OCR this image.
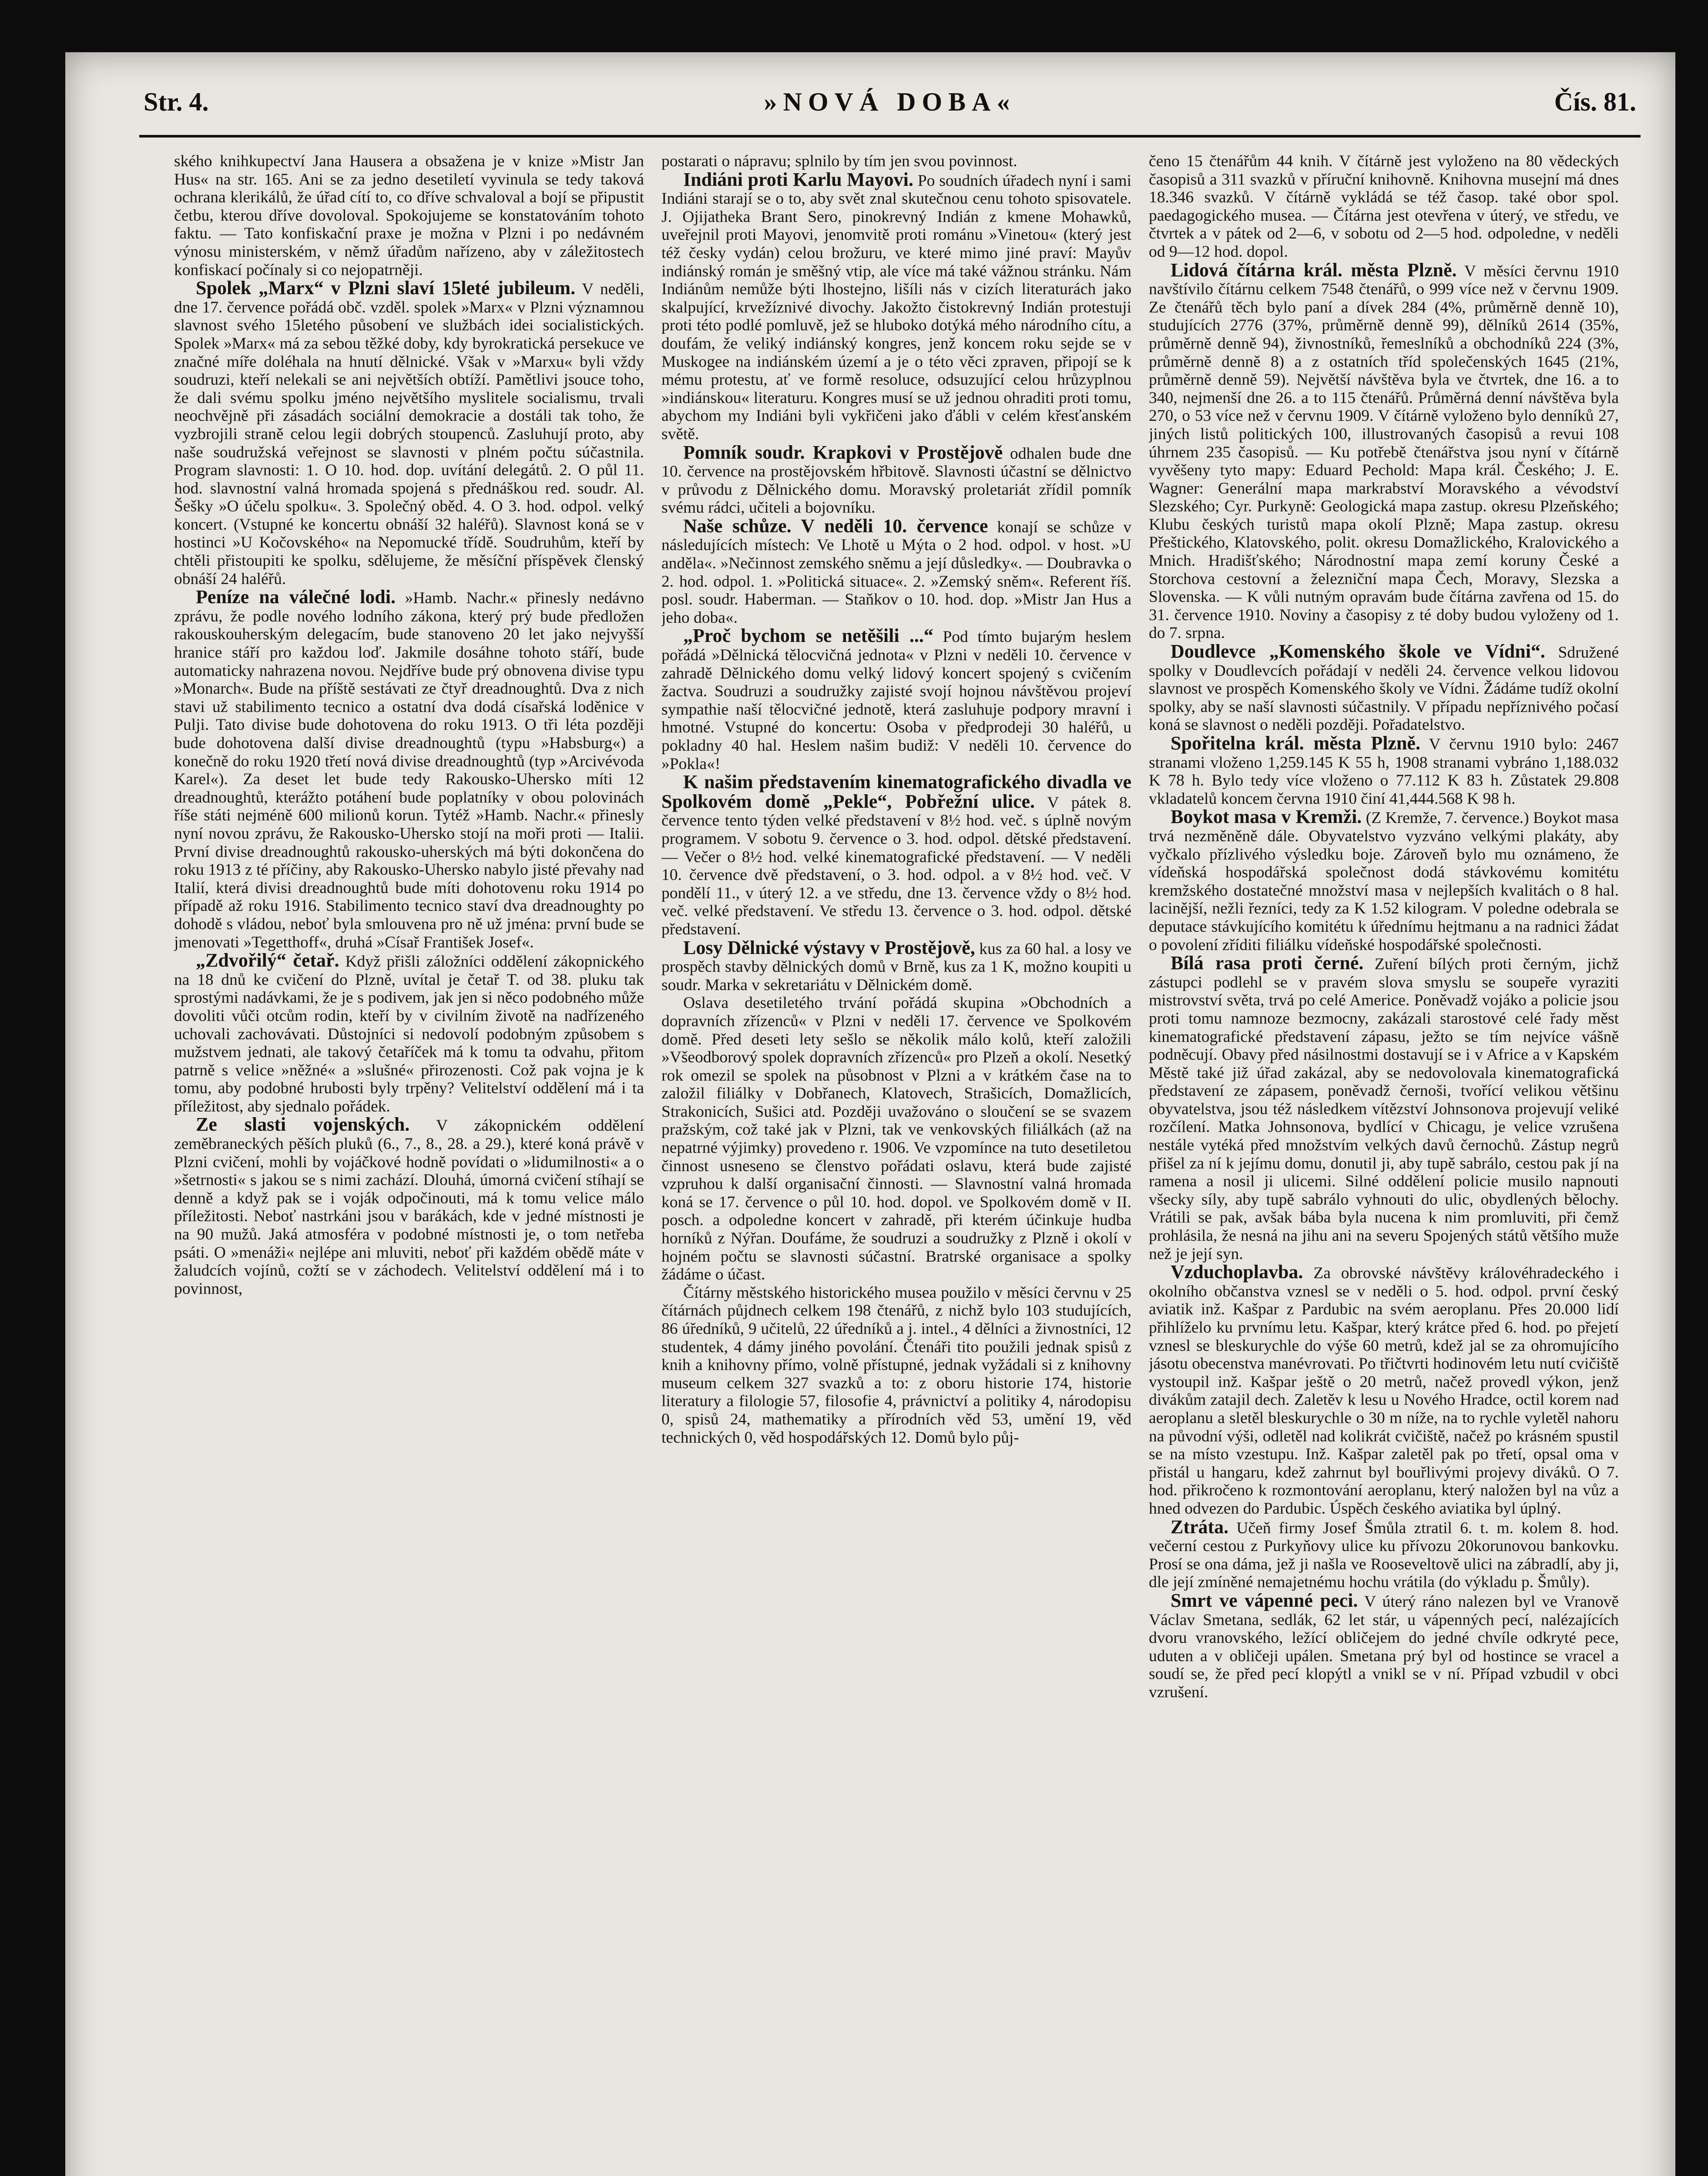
Str. 4.	»NOVÁ DOBA«	Čís. 81.

ského knihkupectví Jana Hausera a obsažena je v knize »Mistr Jan Hus« na str. 165. Ani se za jedno desetiletí vyvinula se tedy taková ochrana klerikálů, že úřad cítí to, co dříve schvaloval a bojí se připustit četbu, kterou dříve dovoloval. Spokojujeme se konstatováním tohoto faktu. — Tato konfiskační praxe je možna v Plzni i po nedávném výnosu ministerském, v němž úřadům nařízeno, aby v záležitostech konfiskací počínaly si co nejopatrněji.

Spolek „Marx“ v Plzni slaví 15leté jubileum. V neděli, dne 17. července pořádá obč. vzděl. spolek »Marx« v Plzni významnou slavnost svého 15letého působení ve službách idei socialistických. Spolek »Marx« má za sebou těžké doby, kdy byrokratická persekuce ve značné míře doléhala na hnutí dělnické. Však v »Marxu« byli vždy soudruzi, kteří nelekali se ani největších obtíží. Pamětlivi jsouce toho, že dali svému spolku jméno největšího myslitele socialismu, trvali neochvějně při zásadách sociální demokracie a dostáli tak toho, že vyzbrojili straně celou legii dobrých stoupenců. Zasluhují proto, aby naše soudružská veřejnost se slavnosti v plném počtu súčastnila. Program slavnosti: 1. O 10. hod. dop. uvítání delegátů. 2. O půl 11. hod. slavnostní valná hromada spojená s přednáškou red. soudr. Al. Šešky »O účelu spolku«. 3. Společný oběd. 4. O 3. hod. odpol. velký koncert. (Vstupné ke koncertu obnáší 32 haléřů). Slavnost koná se v hostinci »U Kočovského« na Nepomucké třídě. Soudruhům, kteří by chtěli přistoupiti ke spolku, sdělujeme, že měsíční příspěvek členský obnáší 24 haléřů.

Peníze na válečné lodi. »Hamb. Nachr.« přinesly nedávno zprávu, že podle nového lodního zákona, který prý bude předložen rakouskouherským delegacím, bude stanoveno 20 let jako nejvyšší hranice stáří pro každou loď. Jakmile dosáhne tohoto stáří, bude automaticky nahrazena novou. Nejdříve bude prý obnovena divise typu »Monarch«. Bude na příště sestávati ze čtyř dreadnoughtů. Dva z nich stavi už stabilimento tecnico a ostatní dva dodá císařská loděnice v Pulji. Tato divise bude dohotovena do roku 1913. O tři léta později bude dohotovena další divise dreadnoughtů (typu »Habsburg«) a konečně do roku 1920 třetí nová divise dreadnoughtů (typ »Arcivévoda Karel«). Za deset let bude tedy Rakousko-Uhersko míti 12 dreadnoughtů, kterážto potáhení bude poplatníky v obou polovinách říše státi nejméně 600 milionů korun. Tytéž »Hamb. Nachr.« přinesly nyní novou zprávu, že Rakousko-Uhersko stojí na moři proti — Italii. První divise dreadnoughtů rakousko-uherských má býti dokončena do roku 1913 z té příčiny, aby Rakousko-Uhersko nabylo jisté převahy nad Italií, která divisi dreadnoughtů bude míti dohotovenu roku 1914 po případě až roku 1916. Stabilimento tecnico staví dva dreadnoughty po dohodě s vládou, neboť byla smlouvena pro ně už jména: první bude se jmenovati »Tegetthoff«, druhá »Císař František Josef«.

„Zdvořilý“ četař. Když přišli záložníci oddělení zákopnického na 18 dnů ke cvičení do Plzně, uvítal je četař T. od 38. pluku tak sprostými nadávkami, že je s podivem, jak jen si něco podobného může dovoliti vůči otcům rodin, kteří by v civilním životě na nadřízeného uchovali zachovávati. Důstojníci si nedovolí podobným způsobem s mužstvem jednati, ale takový četaříček má k tomu ta odvahu, přitom patrně s velice »něžné« a »slušné« přirozenosti. Což pak vojna je k tomu, aby podobné hrubosti byly trpěny? Velitelství oddělení má i ta příležitost, aby sjednalo pořádek.

Ze slasti vojenských. V zákopnickém oddělení zeměbraneckých pěších pluků (6., 7., 8., 28. a 29.), které koná právě v Plzni cvičení, mohli by vojáčkové hodně povídati o »lidumilnosti« a o »šetrnosti« s jakou se s nimi zachází. Dlouhá, úmorná cvičení stíhají se denně a když pak se i voják odpočinouti, má k tomu velice málo příležitosti. Neboť nastrkáni jsou v barákách, kde v jedné místnosti je na 90 mužů. Jaká atmosféra v podobné místnosti je, o tom netřeba psáti. O »menáži« nejlépe ani mluviti, neboť při každém obědě máte v žaludcích vojínů, cožtí se v záchodech. Velitelství oddělení má i to povinnost,

postarati o nápravu; splnilo by tím jen svou povinnost.

Indiáni proti Karlu Mayovi. Po soudních úřadech nyní i sami Indiáni starají se o to, aby svět znal skutečnou cenu tohoto spisovatele. J. Ojijatheka Brant Sero, pinokrevný Indián z kmene Mohawků, uveřejnil proti Mayovi, jenomvitě proti románu »Vinetou« (který jest též česky vydán) celou brožuru, ve které mimo jiné praví: Mayův indiánský román je směšný vtip, ale více má také vážnou stránku. Nám Indiánům nemůže býti lhostejno, lišíli nás v cizích literaturách jako skalpující, krvežíznivé divochy. Jakožto čistokrevný Indián protestuji proti této podlé pomluvě, jež se hluboko dotýká mého národního cítu, a doufám, že veliký indiánský kongres, jenž koncem roku sejde se v Muskogee na indiánském území a je o této věci zpraven, připojí se k mému protestu, ať ve formě resoluce, odsuzující celou hrůzyplnou »indiánskou« literaturu. Kongres musí se už jednou ohraditi proti tomu, abychom my Indiáni byli vykřičeni jako ďábli v celém křesťanském světě.

Pomník soudr. Krapkovi v Prostějově odhalen bude dne 10. července na prostějovském hřbitově. Slavnosti účastní se dělnictvo v průvodu z Dělnického domu. Moravský proletariát zřídil pomník svému rádci, učiteli a bojovníku.

Naše schůze. V neděli 10. července konají se schůze v následujících místech: Ve Lhotě u Mýta o 2 hod. odpol. v host. »U anděla«. »Nečinnost zemského sněmu a její důsledky«. — Doubravka o 2. hod. odpol. 1. »Politická situace«. 2. »Zemský sněm«. Referent říš. posl. soudr. Haberman. — Staňkov o 10. hod. dop. »Mistr Jan Hus a jeho doba«.

„Proč bychom se netěšili ...“ Pod tímto bujarým heslem pořádá »Dělnická tělocvičná jednota« v Plzni v neděli 10. července v zahradě Dělnického domu velký lidový koncert spojený s cvičením žactva. Soudruzi a soudružky zajisté svojí hojnou návštěvou projeví sympathie naší tělocvičné jednotě, která zasluhuje podpory mravní i hmotné. Vstupné do koncertu: Osoba v předprodeji 30 haléřů, u pokladny 40 hal. Heslem našim budiž: V neděli 10. července do »Pokla«!

K našim představením kinematografického divadla ve Spolkovém domě „Pekle“, Pobřežní ulice. V pátek 8. července tento týden velké představení v 8½ hod. več. s úplně novým programem. V sobotu 9. července o 3. hod. odpol. dětské představení. — Večer o 8½ hod. velké kinematografické představení. — V neděli 10. července dvě představení, o 3. hod. odpol. a v 8½ hod. več. V pondělí 11., v úterý 12. a ve středu, dne 13. července vždy o 8½ hod. več. velké představení. Ve středu 13. července o 3. hod. odpol. dětské představení.

Losy Dělnické výstavy v Prostějově, kus za 60 hal. a losy ve prospěch stavby dělnických domů v Brně, kus za 1 K, možno koupiti u soudr. Marka v sekretariátu v Dělnickém domě.

Oslava desetiletého trvání pořádá skupina »Obchodních a dopravních zřízenců« v Plzni v neděli 17. července ve Spolkovém domě. Před deseti lety sešlo se několik málo kolů, kteří založili »Všeodborový spolek dopravních zřízenců« pro Plzeň a okolí. Nesetký rok omezil se spolek na působnost v Plzni a v krátkém čase na to založil filiálky v Dobřanech, Klatovech, Strašicích, Domažlicích, Strakonicích, Sušici atd. Později uvažováno o sloučení se se svazem pražským, což také jak v Plzni, tak ve venkovských filiálkách (až na nepatrné výjimky) provedeno r. 1906. Ve vzpomínce na tuto desetiletou činnost usneseno se členstvo pořádati oslavu, která bude zajisté vzpruhou k další organisační činnosti. — Slavnostní valná hromada koná se 17. července o půl 10. hod. dopol. ve Spolkovém domě v II. posch. a odpoledne koncert v zahradě, při kterém účinkuje hudba horníků z Nýřan. Doufáme, že soudruzi a soudružky z Plzně i okolí v hojném počtu se slavnosti súčastní. Bratrské organisace a spolky žádáme o účast.

Čítárny městského historického musea použilo v měsíci červnu v 25 čítárnách půjdnech celkem 198 čtenářů, z nichž bylo 103 studujících, 86 úředníků, 9 učitelů, 22 úředníků a j. intel., 4 dělníci a živnostníci, 12 studentek, 4 dámy jiného povolání. Čtenáři tito použili jednak spisů z knih a knihovny přímo, volně přístupné, jednak vyžádali si z knihovny museum celkem 327 svazků a to: z oboru historie 174, historie literatury a filologie 57, filosofie 4, právnictví a politiky 4, národopisu 0, spisů 24, mathematiky a přírodních věd 53, umění 19, věd technických 0, věd hospodářských 12. Domů bylo půj-

čeno 15 čtenářům 44 knih. V čítárně jest vyloženo na 80 vědeckých časopisů a 311 svazků v příruční knihovně. Knihovna musejní má dnes 18.346 svazků. V čítárně vykládá se též časop. také obor spol. paedagogického musea. — Čítárna jest otevřena v úterý, ve středu, ve čtvrtek a v pátek od 2—6, v sobotu od 2—5 hod. odpoledne, v neděli od 9—12 hod. dopol.

Lidová čítárna král. města Plzně. V měsíci červnu 1910 navštívilo čítárnu celkem 7548 čtenářů, o 999 více než v červnu 1909. Ze čtenářů těch bylo paní a dívek 284 (4%, průměrně denně 10), studujících 2776 (37%, průměrně denně 99), dělníků 2614 (35%, průměrně denně 94), živnostníků, řemeslníků a obchodníků 224 (3%, průměrně denně 8) a z ostatních tříd společenských 1645 (21%, průměrně denně 59). Největší návštěva byla ve čtvrtek, dne 16. a to 340, nejmenší dne 26. a to 115 čtenářů. Průměrná denní návštěva byla 270, o 53 více než v červnu 1909. V čítárně vyloženo bylo denníků 27, jiných listů politických 100, illustrovaných časopisů a revui 108 úhrnem 235 časopisů. — Ku potřebě čtenářstva jsou nyní v čítárně vyvěšeny tyto mapy: Eduard Pechold: Mapa král. Českého; J. E. Wagner: Generální mapa markrabství Moravského a vévodství Slezského; Cyr. Purkyně: Geologická mapa zastup. okresu Plzeňského; Klubu českých turistů mapa okolí Plzně; Mapa zastup. okresu Přeštického, Klatovského, polit. okresu Domažlického, Kralovického a Mnich. Hradišťského; Národnostní mapa zemí koruny České a Storchova cestovní a železniční mapa Čech, Moravy, Slezska a Slovenska. — K vůli nutným opravám bude čítárna zavřena od 15. do 31. července 1910. Noviny a časopisy z té doby budou vyloženy od 1. do 7. srpna.

Doudlevce „Komenského škole ve Vídni“. Sdružené spolky v Doudlevcích pořádají v neděli 24. července velkou lidovou slavnost ve prospěch Komenského školy ve Vídni. Žádáme tudíž okolní spolky, aby se naší slavnosti súčastnily. V případu nepříznivého počasí koná se slavnost o neděli později. Pořadatelstvo.

Spořitelna král. města Plzně. V červnu 1910 bylo: 2467 stranami vloženo 1,259.145 K 55 h, 1908 stranami vybráno 1,188.032 K 78 h. Bylo tedy více vloženo o 77.112 K 83 h. Zůstatek 29.808 vkladatelů koncem června 1910 činí 41,444.568 K 98 h.

Boykot masa v Kremži. (Z Kremže, 7. července.) Boykot masa trvá nezměněně dále. Obyvatelstvo vyzváno velkými plakáty, aby vyčkalo přízlivého výsledku boje. Zároveň bylo mu oznámeno, že vídeňská hospodářská společnost dodá stávkovému komitétu kremžského dostatečné množství masa v nejlepších kvalitách o 8 hal. lacinější, nežli řezníci, tedy za K 1.52 kilogram. V poledne odebrala se deputace stávkujícího komitétu k úřednímu hejtmanu a na radnici žádat o povolení zříditi filiálku vídeňské hospodářské společnosti.

Bílá rasa proti černé. Zuření bílých proti černým, jichž zástupci podlehl se v pravém slova smyslu se soupeře vyraziti mistrovství světa, trvá po celé Americe. Poněvadž vojáko a policie jsou proti tomu namnoze bezmocny, zakázali starostové celé řady měst kinematografické představení zápasu, ježto se tím nejvíce vášně podněcují. Obavy před násilnostmi dostavují se i v Africe a v Kapském Městě také již úřad zakázal, aby se nedovolovala kinematografická představení ze zápasem, poněvadž černoši, tvořící velikou většinu obyvatelstva, jsou též následkem vítězství Johnsonova projevují veliké rozčílení. Matka Johnsonova, bydlící v Chicagu, je velice vzrušena nestále vytéká před množstvím velkých davů černochů. Zástup negrů přišel za ní k jejímu domu, donutil ji, aby tupě sabrálo, cestou pak jí na ramena a nosil ji ulicemi. Silné oddělení policie musilo napnouti všecky síly, aby tupě sabrálo vyhnouti do ulic, obydlených bělochy. Vrátili se pak, avšak bába byla nucena k nim promluviti, při čemž prohlásila, že nesná na jihu ani na severu Spojených států většího muže než je její syn.

Vzduchoplavba. Za obrovské návštěvy královéhradeckého i okolního občanstva vznesl se v neděli o 5. hod. odpol. první český aviatik inž. Kašpar z Pardubic na svém aeroplanu. Přes 20.000 lidí přihlíželo ku prvnímu letu. Kašpar, který krátce před 6. hod. po přejetí vznesl se bleskurychle do výše 60 metrů, kdež jal se za ohromujícího jásotu obecenstva manévrovati. Po třičtvrti hodinovém letu nutí cvičiště vystoupil inž. Kašpar ještě o 20 metrů, načež provedl výkon, jenž divákům zatajil dech. Zaletěv k lesu u Nového Hradce, octil korem nad aeroplanu a sletěl bleskurychle o 30 m níže, na to rychle vyletěl nahoru na původní výši, odletěl nad kolikrát cvičiště, načež po krásném spustil se na místo vzestupu. Inž. Kašpar zaletěl pak po třetí, opsal oma v přistál u hangaru, kdež zahrnut byl bouřlivými projevy diváků. O 7. hod. přikročeno k rozmontování aeroplanu, který naložen byl na vůz a hned odvezen do Pardubic. Úspěch českého aviatika byl úplný.

Ztráta. Učeň firmy Josef Šmůla ztratil 6. t. m. kolem 8. hod. večerní cestou z Purkyňovy ulice ku přívozu 20korunovou bankovku. Prosí se ona dáma, jež ji našla ve Rooseveltově ulici na zábradlí, aby ji, dle její zmíněné nemajetnému hochu vrátila (do výkladu p. Šmůly).

Smrt ve vápenné peci. V úterý ráno nalezen byl ve Vranově Václav Smetana, sedlák, 62 let stár, u vápenných pecí, nalézajících dvoru vranovského, ležící obličejem do jedné chvíle odkryté pece, uduten a v obličeji upálen. Smetana prý byl od hostince se vracel a soudí se, že před pecí klopýtl a vnikl se v ní. Případ vzbudil v obci vzrušení.
